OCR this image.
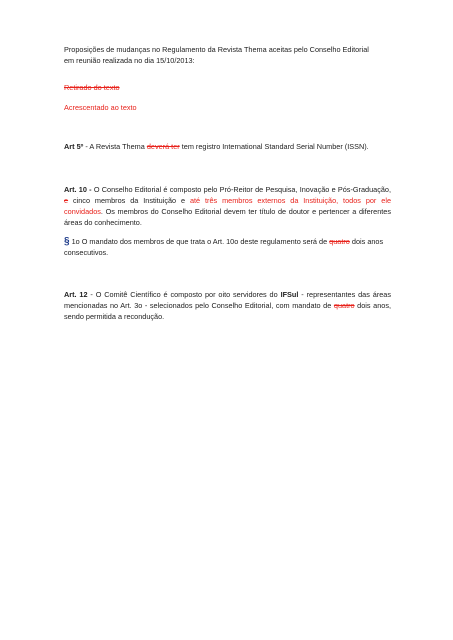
Proposições de mudanças no Regulamento da Revista Thema aceitas pelo Conselho Editorial
em reunião realizada no dia 15/10/2013:
Retirado do texto
Acrescentado ao texto
Art 5º - A Revista Thema deverá ter tem registro International Standard Serial Number (ISSN).
Art. 10 - O Conselho Editorial é composto pelo Pró-Reitor de Pesquisa, Inovação e Pós-Graduação, e cinco membros da Instituição e até três membros externos da Instituição, todos por ele convidados. Os membros do Conselho Editorial devem ter título de doutor e pertencer a diferentes áreas do conhecimento.
§ 1o O mandato dos membros de que trata o Art. 10o deste regulamento será de quatro dois anos consecutivos.
Art. 12 - O Comitê Científico é composto por oito servidores do IFSul - representantes das áreas mencionadas no Art. 3o - selecionados pelo Conselho Editorial, com mandato de quatro dois anos, sendo permitida a recondução.
